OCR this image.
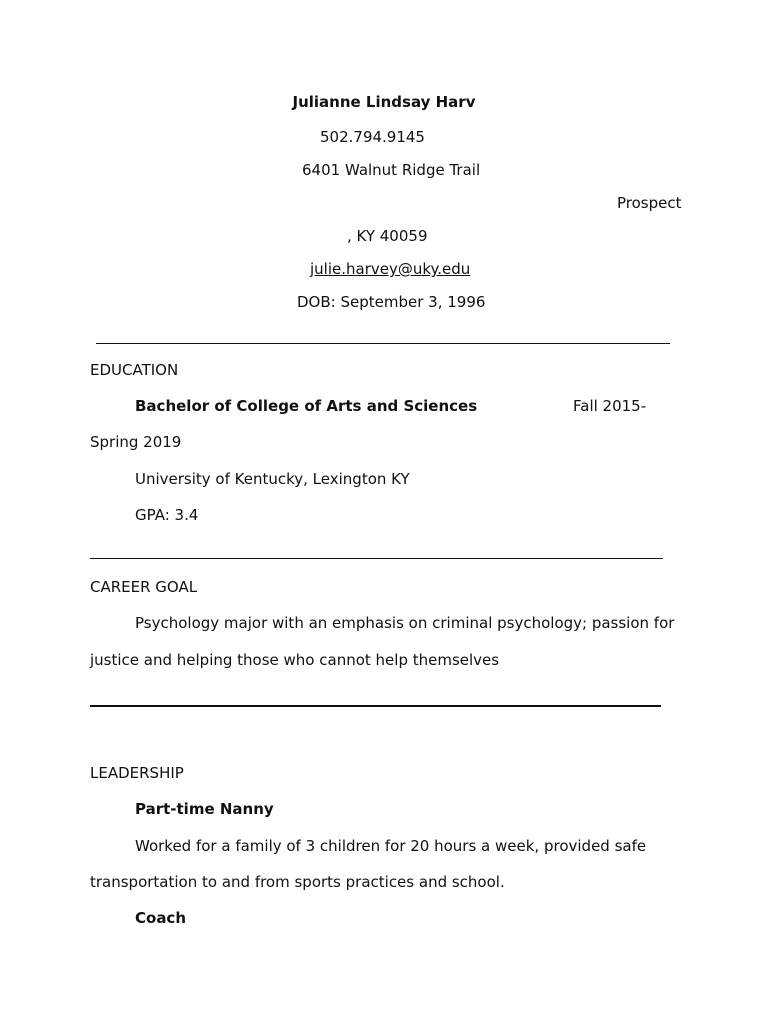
Julianne Lindsay Harv
502.794.9145
6401 Walnut Ridge Trail
Prospect
, KY 40059
julie.harvey@uky.edu
DOB: September 3, 1996
EDUCATION
Bachelor of College of Arts and Sciences	Fall 2015-
Spring 2019
University of Kentucky, Lexington KY
GPA: 3.4
CAREER GOAL
Psychology major with an emphasis on criminal psychology; passion for
justice and helping those who cannot help themselves
LEADERSHIP
Part-time Nanny
Worked for a family of 3 children for 20 hours a week, provided safe
transportation to and from sports practices and school.
Coach
